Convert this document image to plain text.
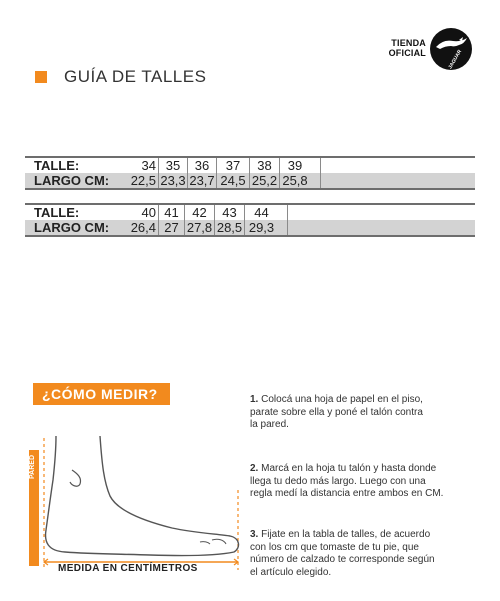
GUÍA DE TALLES
TIENDA
OFICIAL	JAGUAR
TALLE:	34 35	36	37	38	39
LARGO CM:	22,5 23,3 23,7 24,5 25,2 25,8
TALLE:	40 41	42	43	44
LARGO CM:	26,4 27 27,8 28,5 29,3
¿CÓMO MEDIR?
PARED
MEDIDA EN CENTÍMETROS
1. Colocá una hoja de papel en el piso,
parate sobre ella y poné el talón contra
la pared.
2. Marcá en la hoja tu talón y hasta donde
llega tu dedo más largo. Luego con una
regla medí la distancia entre ambos en CM.
3. Fijate en la tabla de talles, de acuerdo
con los cm que tomaste de tu pie, que
número de calzado te corresponde según
el artículo elegido.
